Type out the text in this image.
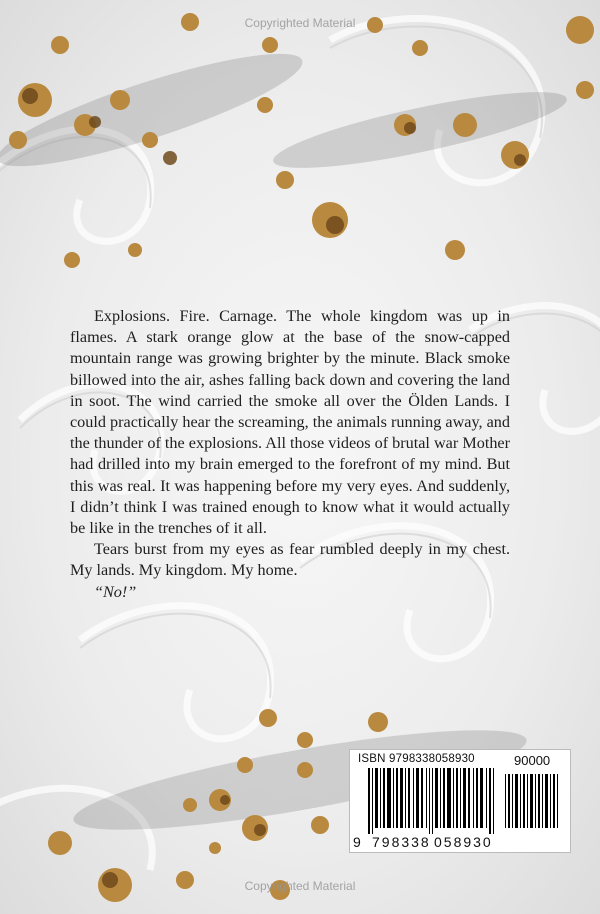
Copyrighted Material

Explosions. Fire. Carnage. The whole kingdom was up in flames. A stark orange glow at the base of the snow-capped mountain range was growing brighter by the minute. Black smoke billowed into the air, ashes falling back down and covering the land in soot. The wind carried the smoke all over the Ölden Lands. I could practically hear the screaming, the animals running away, and the thunder of the explosions. All those videos of brutal war Mother had drilled into my brain emerged to the forefront of my mind. But this was real. It was happening before my very eyes. And suddenly, I didn’t think I was trained enough to know what it would actually be like in the trenches of it all.

Tears burst from my eyes as fear rumbled deeply in my chest. My lands. My kingdom. My home.

“No!”

ISBN 9798338058930	90000
9 798338 058930
Copyrighted Material
